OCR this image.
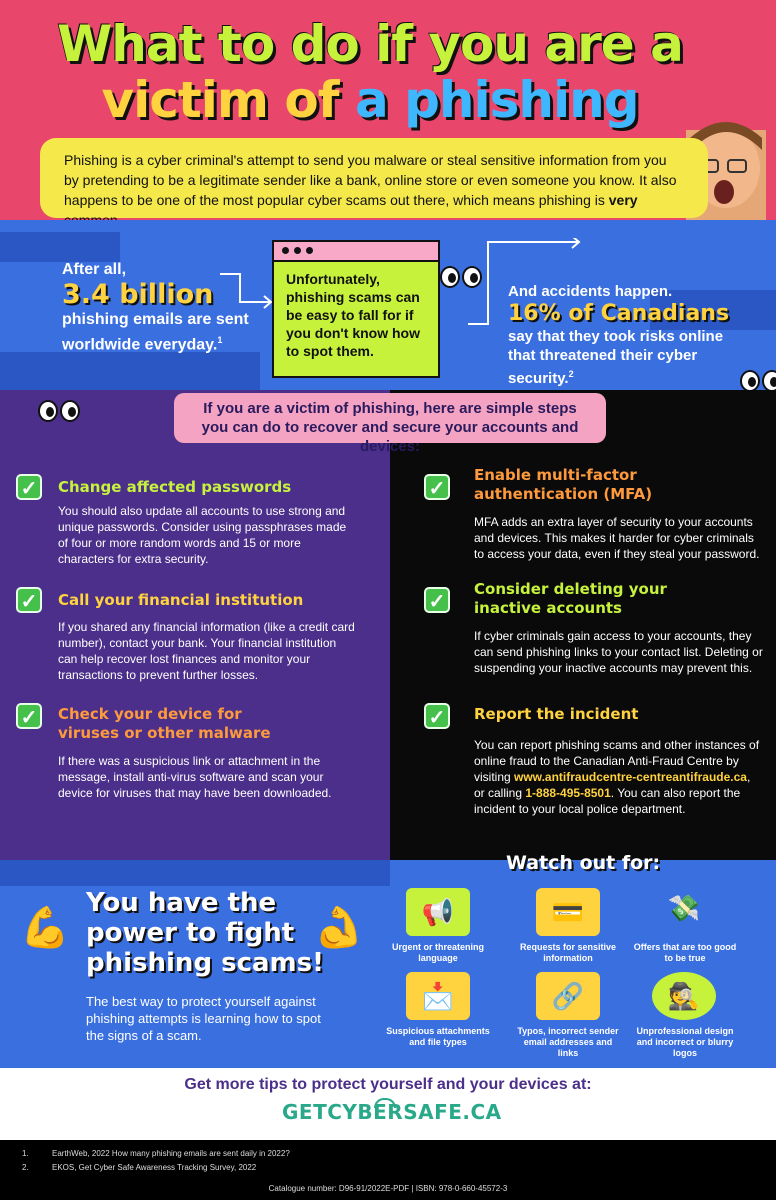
What to do if you are a
victim of a phishing
Phishing is a cyber criminal's attempt to send you malware or steal sensitive information from you by pretending to be a legitimate sender like a bank, online store or even someone you know. It also happens to be one of the most popular cyber scams out there, which means phishing is very
After all,
3.4 billion
phishing emails are sent worldwide everyday.$^1$
Unfortunately, phishing scams can be easy to fall for if you don't know how to spot them.
And accidents happen.
16% of Canadians
say that they took risks online that threatened their cyber security.$^2$
If you are a victim of phishing, here are simple steps you can do to recover and secure your accounts and devices:
✓	Change affected passwords
You should also update all accounts to use strong and unique passwords. Consider using passphrases made of four or more random words and 15 or more characters for extra security.
✓	Call your financial institution
If you shared any financial information (like a credit card number), contact your bank. Your financial institution can help recover lost finances and monitor your transactions to prevent further losses.
✓	Check your device for
viruses or other malware
If there was a suspicious link or attachment in the message, install anti-virus software and scan your device for viruses that may have been downloaded.
✓
Enable multi-factor
authentication (MFA)
MFA adds an extra layer of security to your accounts and devices. This makes it harder for cyber criminals to access your data, even if they steal your password.
✓
Consider deleting your
inactive accounts
If cyber criminals gain access to your accounts, they can send phishing links to your contact list. Deleting or suspending your inactive accounts may prevent this.
✓	Report the incident
You can report phishing scams and other instances of online fraud to the Canadian Anti-Fraud Centre by visiting www.antifraudcentre-centreantifraude.ca, or calling 1-888-495-8501. You can also report the incident to your local police department.
💪	💪
You have the power to fight phishing scams!
The best way to protect yourself against phishing attempts is learning how to spot the signs of a scam.
Watch out for:
📢
Urgent or threatening language
💳
Requests for sensitive information
💸
Offers that are too good to be true
📩
Suspicious attachments and file types
🔗
Typos, incorrect sender email addresses and links
🕵
Unprofessional design and incorrect or blurry logos
Get more tips to protect yourself and your devices at:
GETCYBERSAFE.CA
1.	EarthWeb, 2022 How many phishing emails are sent daily in 2022?
2.	EKOS, Get Cyber Safe Awareness Tracking Survey, 2022
Catalogue number: D96-91/2022E-PDF | ISBN: 978-0-660-45572-3
